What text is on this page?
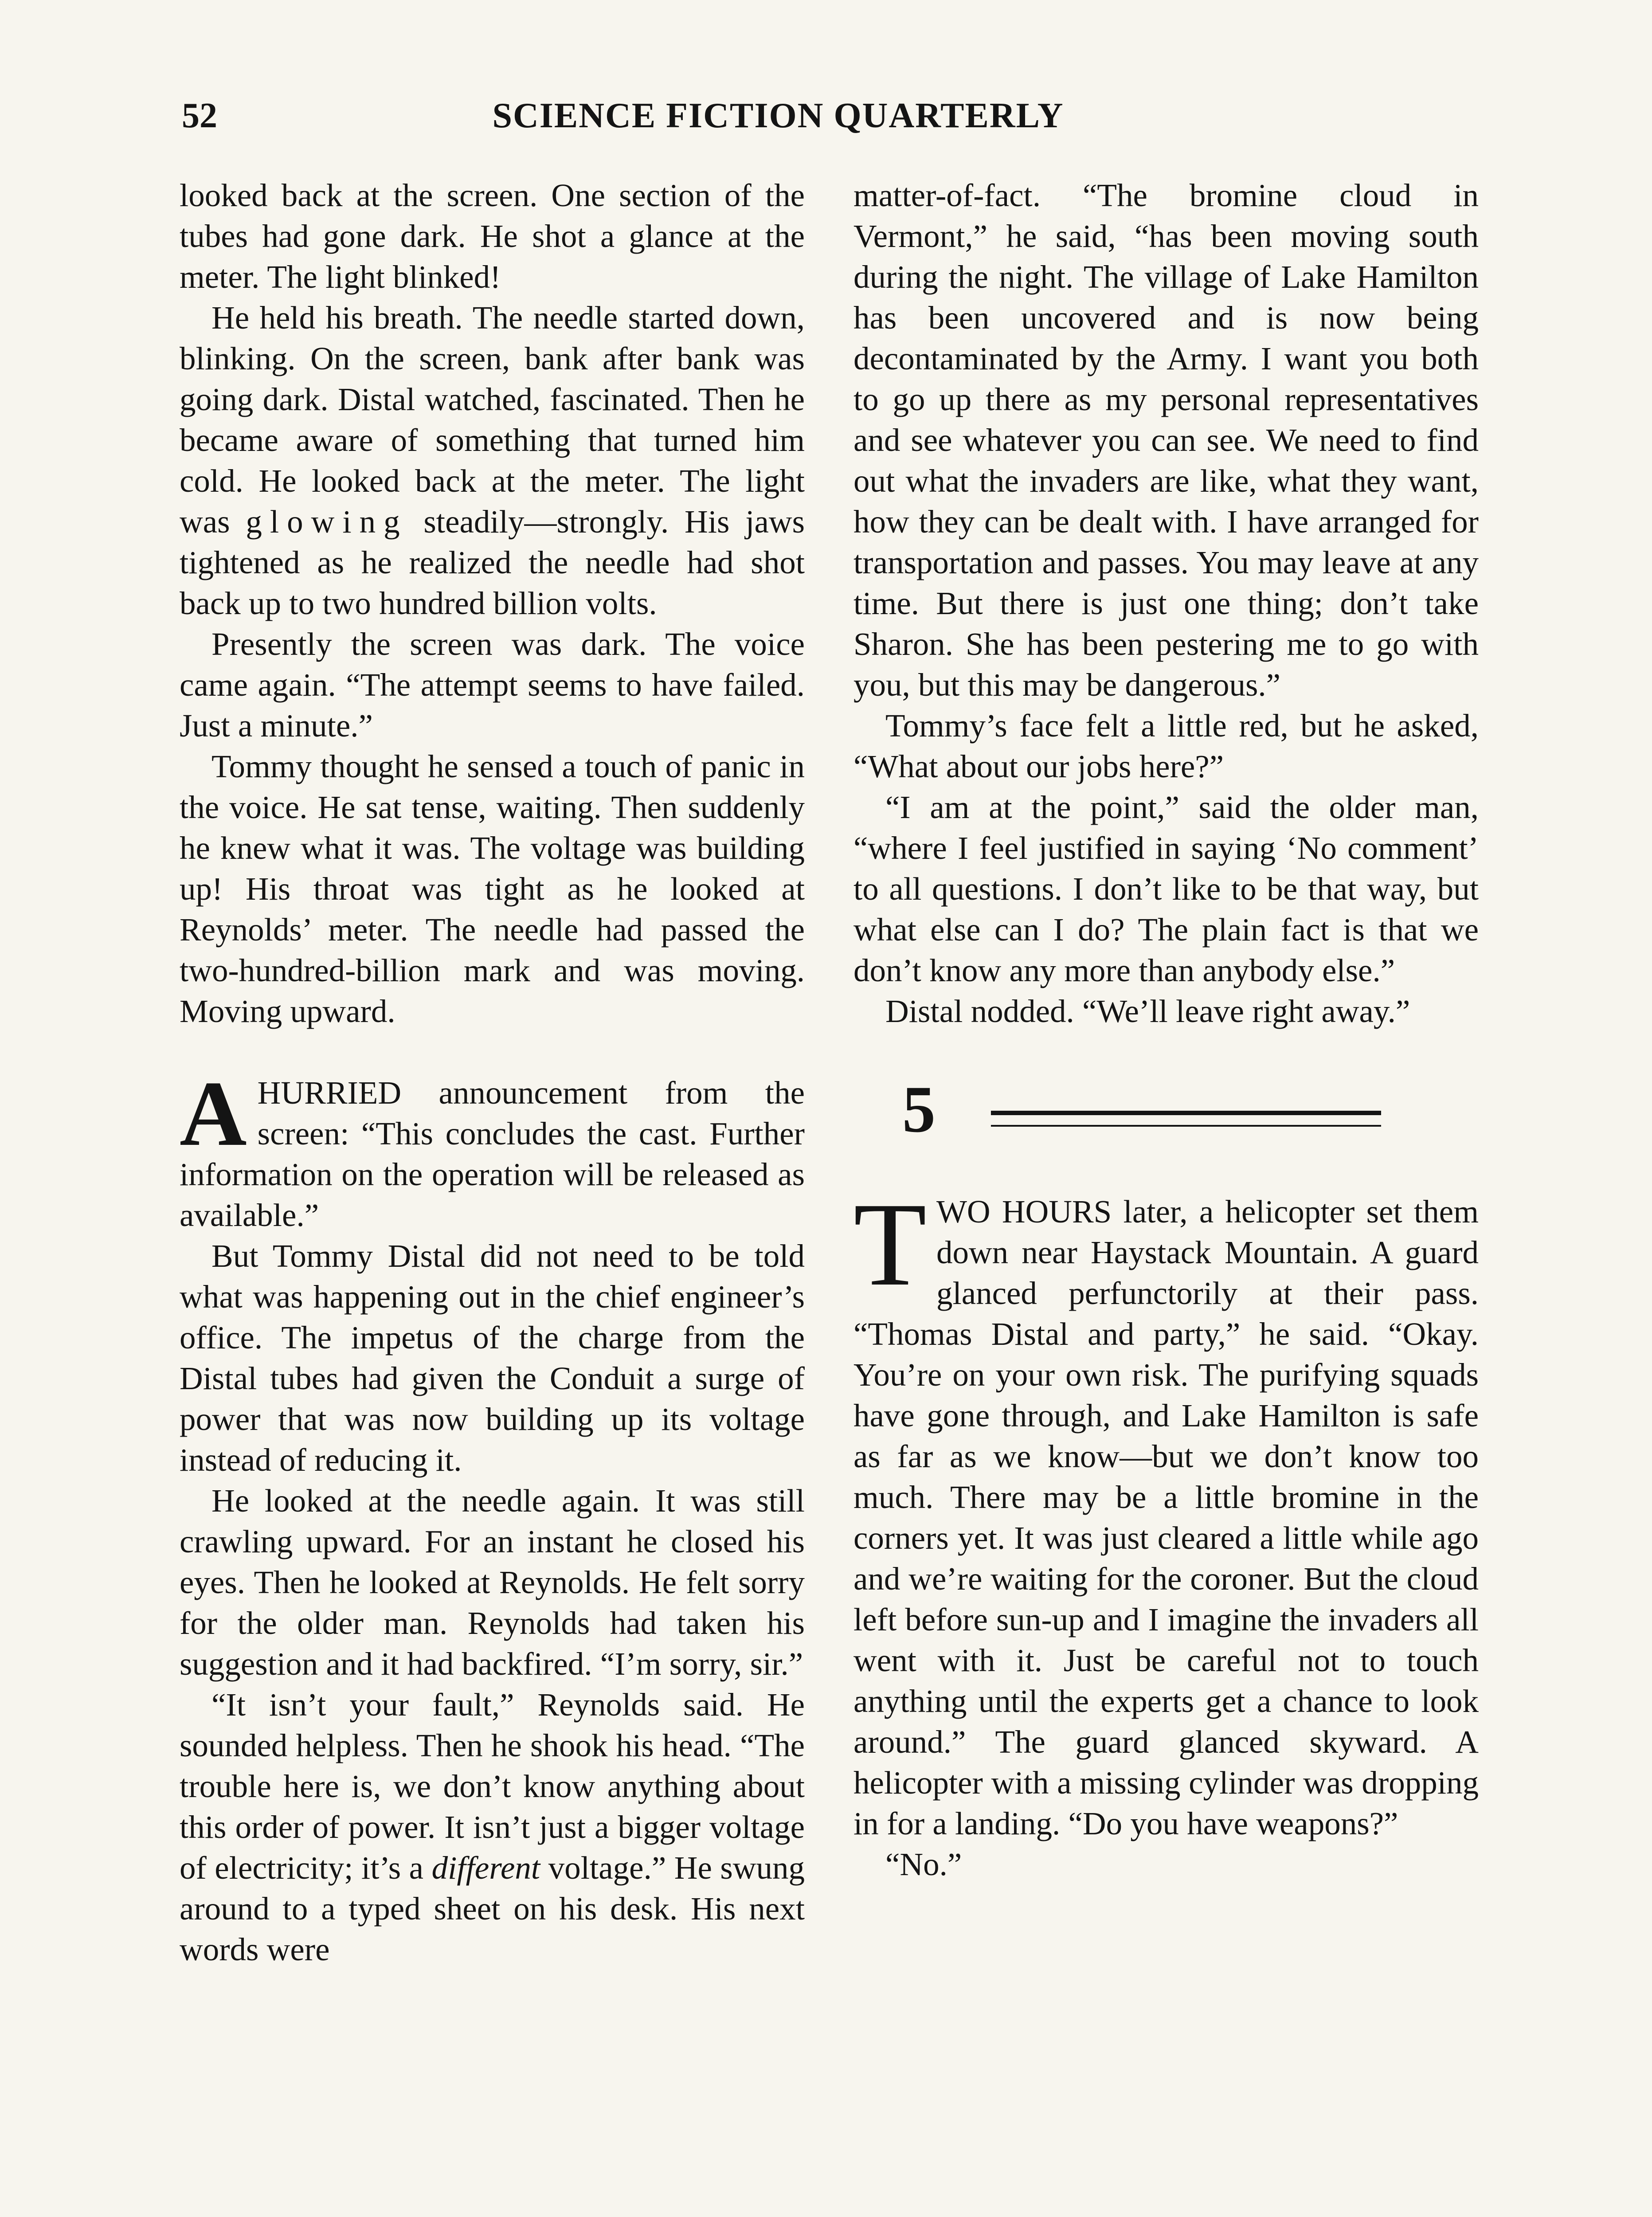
52	SCIENCE FICTION QUARTERLY

looked back at the screen. One section of the tubes had gone dark. He shot a glance at the meter. The light blinked!

He held his breath. The needle started down, blinking. On the screen, bank after bank was going dark. Distal watched, fascinated. Then he became aware of something that turned him cold. He looked back at the meter. The light was glowing steadily—strongly. His jaws tightened as he realized the needle had shot back up to two hundred billion volts.

Presently the screen was dark. The voice came again. “The attempt seems to have failed. Just a minute.”

Tommy thought he sensed a touch of panic in the voice. He sat tense, waiting. Then suddenly he knew what it was. The voltage was building up! His throat was tight as he looked at Reynolds’ meter. The needle had passed the two-hundred-billion mark and was moving. Moving upward.

AHURRIED announcement from the screen: “This concludes the cast. Further information on the operation will be released as available.”

But Tommy Distal did not need to be told what was happening out in the chief engineer’s office. The impetus of the charge from the Distal tubes had given the Conduit a surge of power that was now building up its voltage instead of reducing it.

He looked at the needle again. It was still crawling upward. For an instant he closed his eyes. Then he looked at Reynolds. He felt sorry for the older man. Reynolds had taken his suggestion and it had backfired. “I’m sorry, sir.”

“It isn’t your fault,” Reynolds said. He sounded helpless. Then he shook his head. “The trouble here is, we don’t know anything about this order of power. It isn’t just a bigger voltage of electricity; it’s a different voltage.” He swung around to a typed sheet on his desk. His next words were

matter-of-fact. “The bromine cloud in Vermont,” he said, “has been moving south during the night. The village of Lake Hamilton has been uncovered and is now being decontaminated by the Army. I want you both to go up there as my personal representatives and see whatever you can see. We need to find out what the invaders are like, what they want, how they can be dealt with. I have arranged for transportation and passes. You may leave at any time. But there is just one thing; don’t take Sharon. She has been pestering me to go with you, but this may be dangerous.”

Tommy’s face felt a little red, but he asked, “What about our jobs here?”

“I am at the point,” said the older man, “where I feel justified in saying ‘No comment’ to all questions. I don’t like to be that way, but what else can I do? The plain fact is that we don’t know any more than anybody else.”

Distal nodded. “We’ll leave right away.”

5

TWO HOURS later, a helicopter set them down near Haystack Mountain. A guard glanced perfunctorily at their pass. “Thomas Distal and party,” he said. “Okay. You’re on your own risk. The purifying squads have gone through, and Lake Hamilton is safe as far as we know—but we don’t know too much. There may be a little bromine in the corners yet. It was just cleared a little while ago and we’re waiting for the coroner. But the cloud left before sun-up and I imagine the invaders all went with it. Just be careful not to touch anything until the experts get a chance to look around.” The guard glanced skyward. A helicopter with a missing cylinder was dropping in for a landing. “Do you have weapons?”

“No.”
